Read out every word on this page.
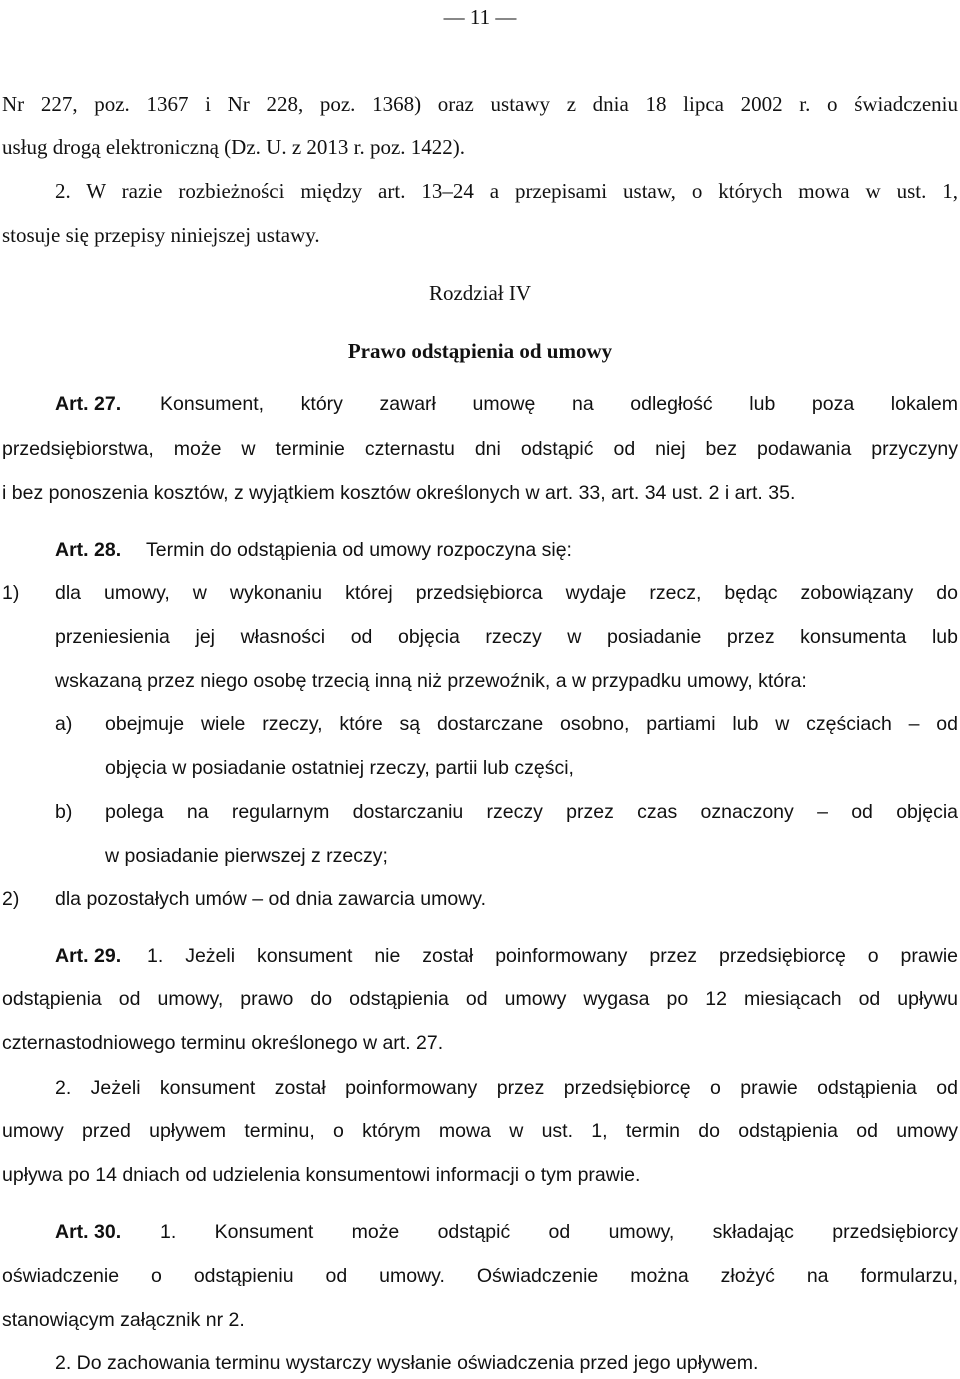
— 11 —
Nr 227, poz. 1367 i Nr 228, poz. 1368) oraz ustawy z dnia 18 lipca 2002 r. o świadczeniu
usług drogą elektroniczną (Dz. U. z 2013 r. poz. 1422).
2. W razie rozbieżności między art. 13–24 a przepisami ustaw, o których mowa w ust. 1,
stosuje się przepisy niniejszej ustawy.
Rozdział IV
Prawo odstąpienia od umowy
Art. 27. Konsument, który zawarł umowę na odległość lub poza lokalem
przedsiębiorstwa, może w terminie czternastu dni odstąpić od niej bez podawania przyczyny
i bez ponoszenia kosztów, z wyjątkiem kosztów określonych w art. 33, art. 34 ust. 2 i art. 35.
Art. 28. Termin do odstąpienia od umowy rozpoczyna się:
1) dla umowy, w wykonaniu której przedsiębiorca wydaje rzecz, będąc zobowiązany do
przeniesienia jej własności od objęcia rzeczy w posiadanie przez konsumenta lub
wskazaną przez niego osobę trzecią inną niż przewoźnik, a w przypadku umowy, która:
a) obejmuje wiele rzeczy, które są dostarczane osobno, partiami lub w częściach – od
objęcia w posiadanie ostatniej rzeczy, partii lub części,
b) polega na regularnym dostarczaniu rzeczy przez czas oznaczony – od objęcia
w posiadanie pierwszej z rzeczy;
2) dla pozostałych umów – od dnia zawarcia umowy.
Art. 29. 1. Jeżeli konsument nie został poinformowany przez przedsiębiorcę o prawie
odstąpienia od umowy, prawo do odstąpienia od umowy wygasa po 12 miesiącach od upływu
czternastodniowego terminu określonego w art. 27.
2. Jeżeli konsument został poinformowany przez przedsiębiorcę o prawie odstąpienia od
umowy przed upływem terminu, o którym mowa w ust. 1, termin do odstąpienia od umowy
upływa po 14 dniach od udzielenia konsumentowi informacji o tym prawie.
Art. 30. 1. Konsument może odstąpić od umowy, składając przedsiębiorcy
oświadczenie o odstąpieniu od umowy. Oświadczenie można złożyć na formularzu,
stanowiącym załącznik nr 2.
2. Do zachowania terminu wystarczy wysłanie oświadczenia przed jego upływem.
